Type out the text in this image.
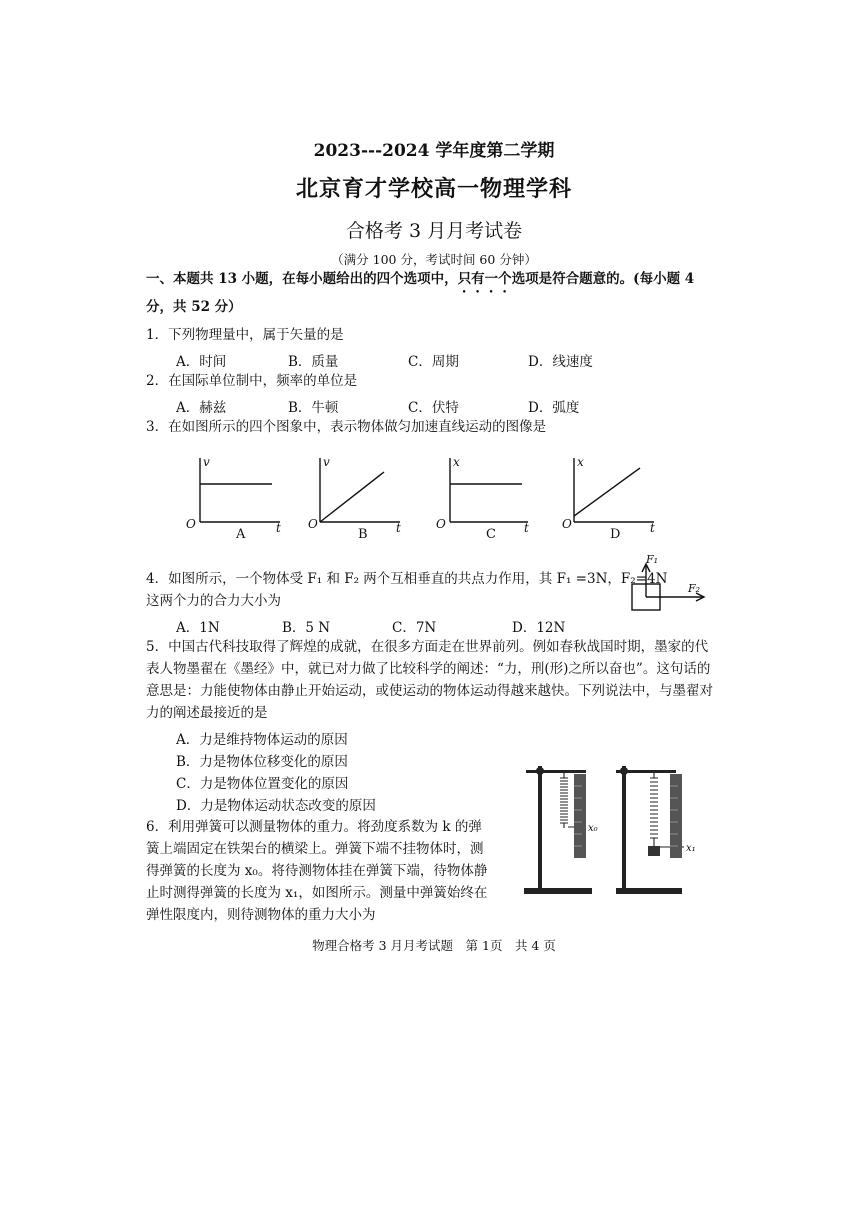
2023---2024 学年度第二学期
北京育才学校高一物理学科
合格考 3 月月考试卷
（满分 100 分，考试时间 60 分钟）
一、本题共 13 小题，在每小题给出的四个选项中，只有一个选项是符合题意的。(每小题 4
分，共 52 分）
1．下列物理量中，属于矢量的是
A．时间	B．质量	C．周期	D．线速度
2．在国际单位制中，频率的单位是
A．赫兹	B．牛顿	C．伏特	D．弧度
3．在如图所示的四个图象中，表示物体做匀加速直线运动的图像是
v	v	x	x
O	O	O	O
t	t	t	t
A	B	C	D
4．如图所示，一个物体受 F₁ 和 F₂ 两个互相垂直的共点力作用，其 F₁ =3N，F₂=4N
这两个力的合力大小为
A．1N	B．5 N	C．7N	D．12N
F₁
F₂
5．中国古代科技取得了辉煌的成就，在很多方面走在世界前列。例如春秋战国时期，墨家的代表人物墨翟在《墨经》中，就已对力做了比较科学的阐述：“力，刑(形)之所以奋也”。这句话的意思是：力能使物体由静止开始运动，或使运动的物体运动得越来越快。下列说法中，与墨翟对力的阐述最接近的是
A．力是维持物体运动的原因
B．力是物体位移变化的原因
C．力是物体位置变化的原因
D．力是物体运动状态改变的原因
6．利用弹簧可以测量物体的重力。将劲度系数为 k 的弹簧上端固定在铁架台的横梁上。弹簧下端不挂物体时，测得弹簧的长度为 x₀。将待测物体挂在弹簧下端，待物体静止时测得弹簧的长度为 x₁，如图所示。测量中弹簧始终在弹性限度内，则待测物体的重力大小为
x₀
x₁
物理合格考 3 月月考试题　第 1页　共 4 页
